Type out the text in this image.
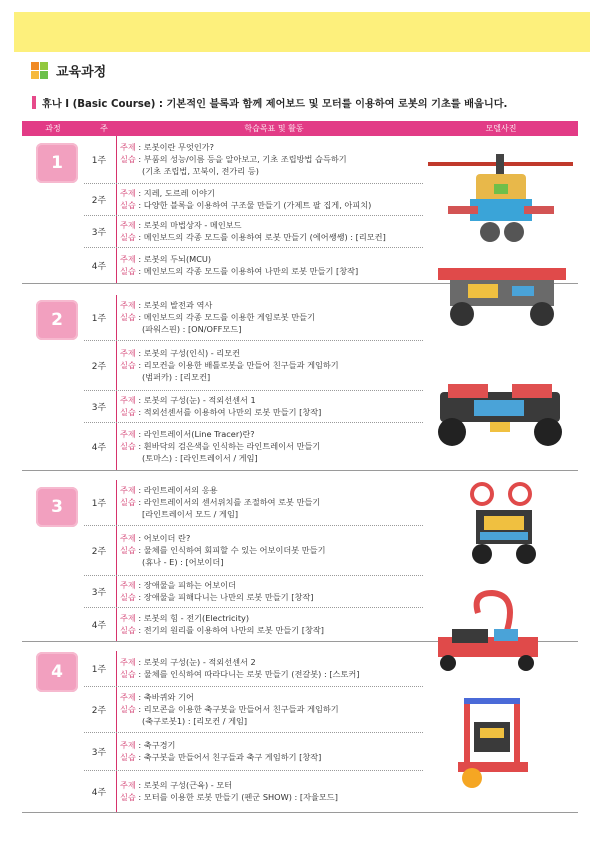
교육과정
휴나 Ⅰ (Basic Course) : 기본적인 블록과 함께 제어보드 및 모터를 이용하여 로봇의 기초를 배웁니다.
과정	주	학습목표 및 활동	모델사진
1	1주
주제 : 로봇이란 무엇인가?
실습 : 부품의 성능/이름 등을 알아보고, 기초 조립방법 습득하기
(기초 조립법, 꼬북이, 전가리 등)
2주
주제 : 지레, 도르레 이야기
실습 : 다양한 블록을 이용하여 구조물 만들기 (가제트 팔 집게, 아피치)
3주
주제 : 로봇의 마법상자 - 메인보드
실습 : 메인보드의 각종 모드를 이용하여 로봇 만들기 (에어쌩쌩) : [리모컨]
4주
주제 : 로봇의 두뇌(MCU)
실습 : 메인보드의 각종 모드를 이용하여 나만의 로봇 만들기 [창작]
2	1주
주제 : 로봇의 발전과 역사
실습 : 메인보드의 각종 모드를 이용한 게임로봇 만들기
(파워스핀) : [ON/OFF모드]
2주
주제 : 로봇의 구성(인식) - 리모컨
실습 : 리모컨을 이용한 배틀로봇을 만들어 친구들과 게임하기
(범퍼카) : [리모컨]
3주
주제 : 로봇의 구성(눈) - 적외선센서 1
실습 : 적외선센서를 이용하여 나만의 로봇 만들기 [창작]
4주
주제 : 라인트레이서(Line Tracer)란?
실습 : 흰바닥의 검은색을 인식하는 라인트레이서 만들기
(토마스) : [라인트레이서 / 게임]
3	1주
주제 : 라인트레이서의 응용
실습 : 라인트레이서의 센서위치를 조절하여 로봇 만들기
[라인트레이서 모드 / 게임]
2주
주제 : 어보이더 란?
실습 : 물체를 인식하여 회피할 수 있는 어보이더봇 만들기
(휴나 - E) : [어보이더]
3주
주제 : 장애물을 피하는 어보이더
실습 : 장애물을 피해다니는 나만의 로봇 만들기 [창작]
4주
주제 : 로봇의 힘 - 전기(Electricity)
실습 : 전기의 원리를 이용하여 나만의 로봇 만들기 [창작]
4	1주
주제 : 로봇의 구성(눈) - 적외선센서 2
실습 : 물체를 인식하여 따라다니는 로봇 만들기 (전갈봇) : [스토커]
2주
주제 : 축바퀴와 기어
실습 : 리모콘을 이용한 축구봇을 만들어서 친구들과 게임하기
(축구로봇1) : [리모컨 / 게임]
3주
주제 : 축구경기
실습 : 축구봇을 만들어서 친구들과 축구 게임하기 [창작]
4주
주제 : 로봇의 구성(근육) - 모터
실습 : 모터를 이용한 로봇 만들기 (펜군 SHOW) : [자율모드]
